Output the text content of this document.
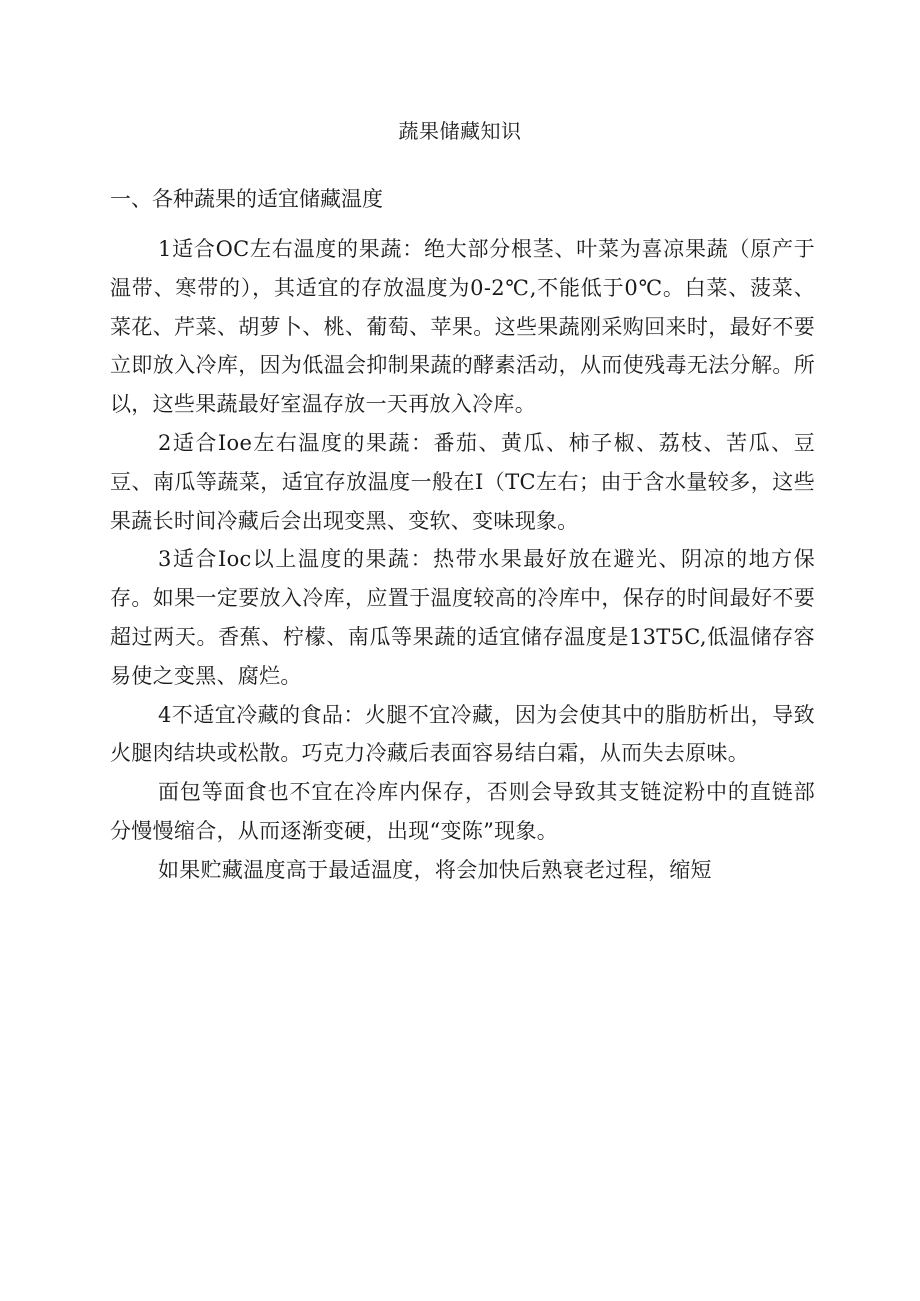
蔬果储藏知识
一、各种蔬果的适宜储藏温度

1适合OC左右温度的果蔬：绝大部分根茎、叶菜为喜凉果蔬（原产于温带、寒带的），其适宜的存放温度为0-2℃,不能低于0℃。白菜、菠菜、菜花、芹菜、胡萝卜、桃、葡萄、苹果。这些果蔬刚采购回来时，最好不要立即放入冷库，因为低温会抑制果蔬的酵素活动，从而使残毒无法分解。所以，这些果蔬最好室温存放一天再放入冷库。

2适合Ioe左右温度的果蔬：番茄、黄瓜、柿子椒、荔枝、苦瓜、豆豆、南瓜等蔬菜，适宜存放温度一般在I（TC左右；由于含水量较多，这些果蔬长时间冷藏后会出现变黑、变软、变味现象。

3适合Ioc以上温度的果蔬：热带水果最好放在避光、阴凉的地方保存。如果一定要放入冷库，应置于温度较高的冷库中，保存的时间最好不要超过两天。香蕉、柠檬、南瓜等果蔬的适宜储存温度是13T5C,低温储存容易使之变黑、腐烂。

4不适宜冷藏的食品：火腿不宜冷藏，因为会使其中的脂肪析出，导致火腿肉结块或松散。巧克力冷藏后表面容易结白霜，从而失去原味。

面包等面食也不宜在冷库内保存，否则会导致其支链淀粉中的直链部分慢慢缩合，从而逐渐变硬，出现“变陈”现象。

如果贮藏温度高于最适温度，将会加快后熟衰老过程，缩短
